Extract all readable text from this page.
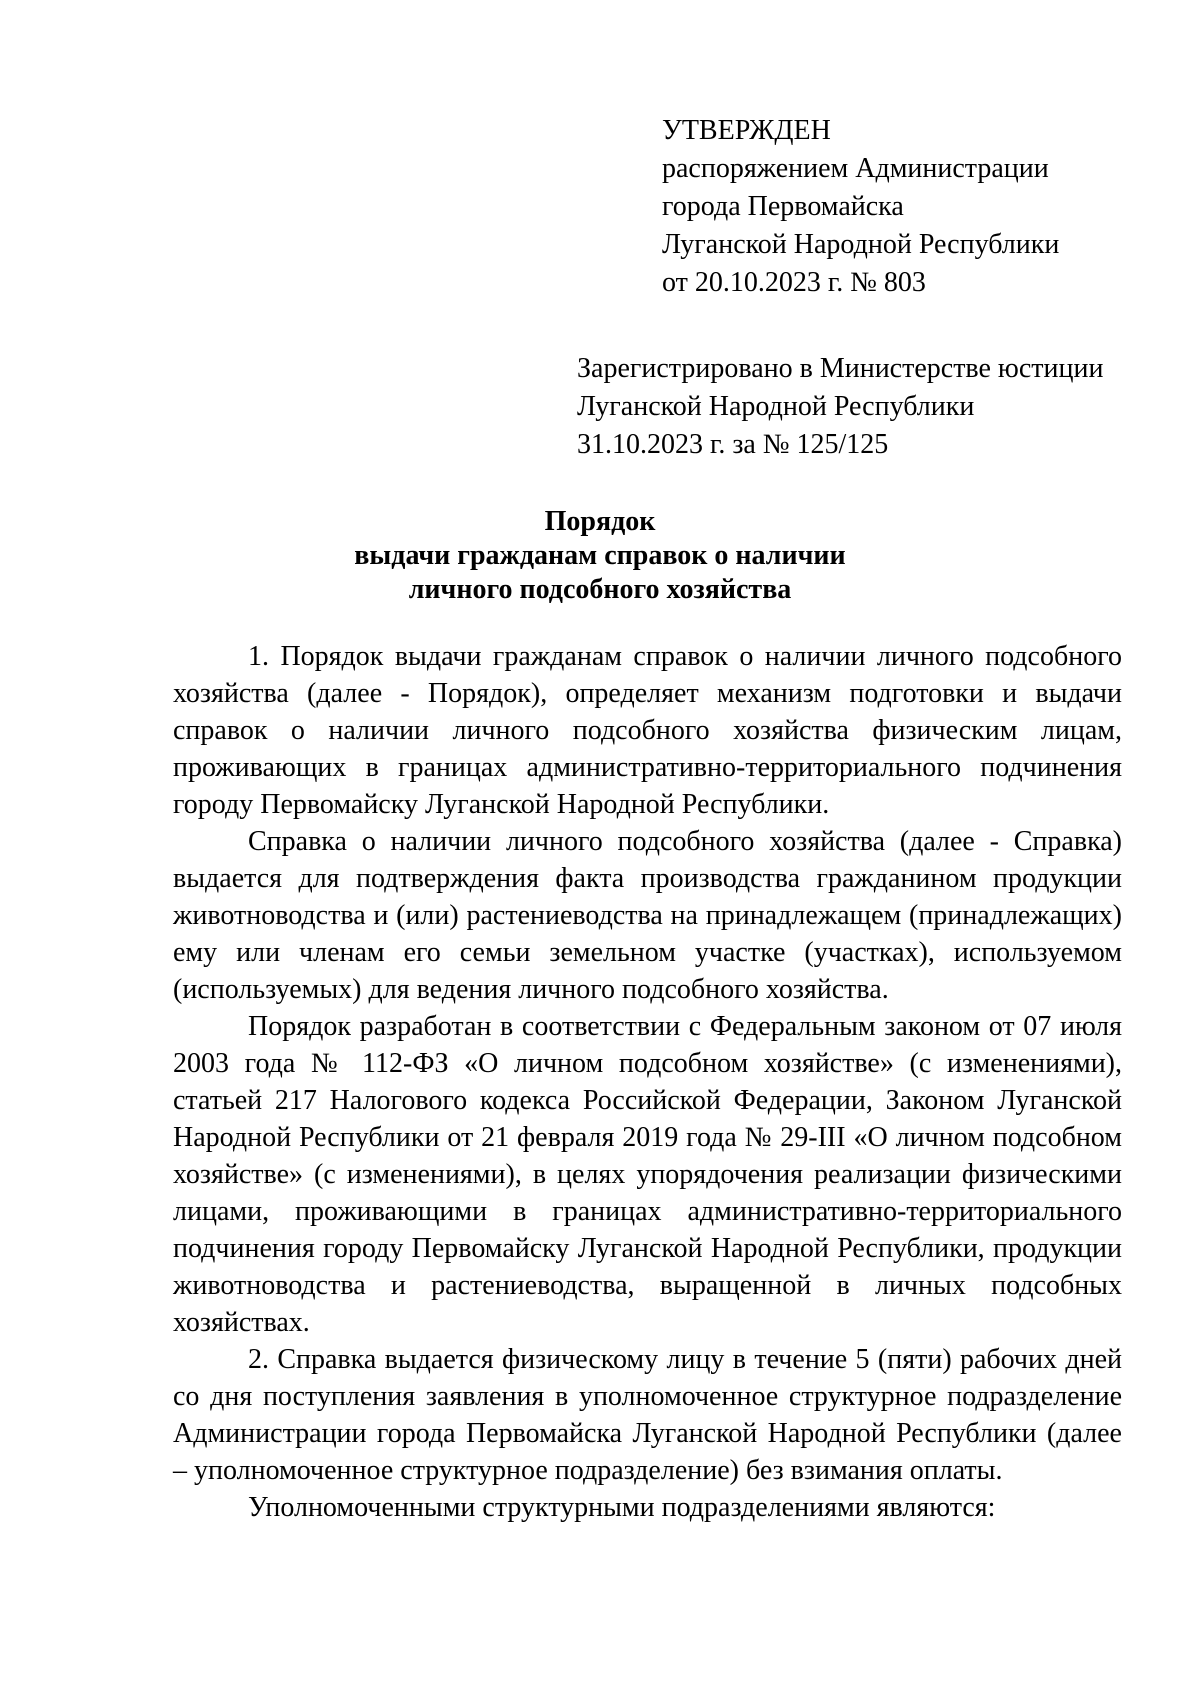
УТВЕРЖДЕН
распоряжением Администрации
города Первомайска
Луганской Народной Республики
от 20.10.2023 г. № 803
Зарегистрировано в Министерстве юстиции
Луганской Народной Республики
31.10.2023 г. за № 125/125
Порядок
выдачи гражданам справок о наличии
личного подсобного хозяйства

1. Порядок выдачи гражданам справок о наличии личного подсобного хозяйства (далее - Порядок), определяет механизм подготовки и выдачи справок о наличии личного подсобного хозяйства физическим лицам, проживающих в границах административно-территориального подчинения городу Первомайску Луганской Народной Республики.

Справка о наличии личного подсобного хозяйства (далее - Справка) выдается для подтверждения факта производства гражданином продукции животноводства и (или) растениеводства на принадлежащем (принадлежащих) ему или членам его семьи земельном участке (участках), используемом (используемых) для ведения личного подсобного хозяйства.

Порядок разработан в соответствии с Федеральным законом от 07 июля 2003 года № 112-ФЗ «О личном подсобном хозяйстве» (с изменениями), статьей 217 Налогового кодекса Российской Федерации, Законом Луганской Народной Республики от 21 февраля 2019 года № 29-III «О личном подсобном хозяйстве» (с изменениями), в целях упорядочения реализации физическими лицами, проживающими в границах административно-территориального подчинения городу Первомайску Луганской Народной Республики, продукции животноводства и растениеводства, выращенной в личных подсобных хозяйствах.

2. Справка выдается физическому лицу в течение 5 (пяти) рабочих дней со дня поступления заявления в уполномоченное структурное подразделение Администрации города Первомайска Луганской Народной Республики (далее – уполномоченное структурное подразделение) без взимания оплаты.

Уполномоченными структурными подразделениями являются:
